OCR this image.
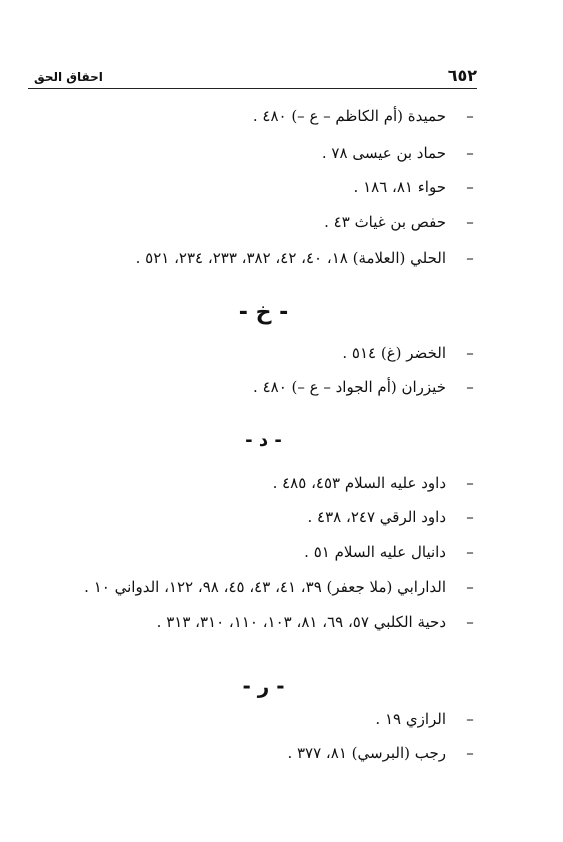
احقاق الحق	٦٥٢
–
حميدة (أم الكاظم – ع –) ٤٨٠ .
–
حماد بن عيسى ٧٨ .
–
حواء ٨١، ١٨٦ .
–
حفص بن غياث ٤٣ .
–
الحلي (العلامة) ١٨، ٤٠، ٤٢، ٣٨٢، ٢٣٣، ٢٣٤، ٥٢١ .
- خ -
–
الخضر (غ) ٥١٤ .
–
خيزران (أم الجواد – ع –) ٤٨٠ .
- د -
–
داود عليه السلام ٤٥٣، ٤٨٥ .
–
داود الرقي ٢٤٧، ٤٣٨ .
–
دانيال عليه السلام ٥١ .
–
الدارابي (ملا جعفر) ٣٩، ٤١، ٤٣، ٤٥، ٩٨، ١٢٢، الدواني ١٠ .
–
دحية الكلبي ٥٧، ٦٩، ٨١، ١٠٣، ١١٠، ٣١٠، ٣١٣ .
- ر -
–
الرازي ١٩ .
–
رجب (البرسي) ٨١، ٣٧٧ .
